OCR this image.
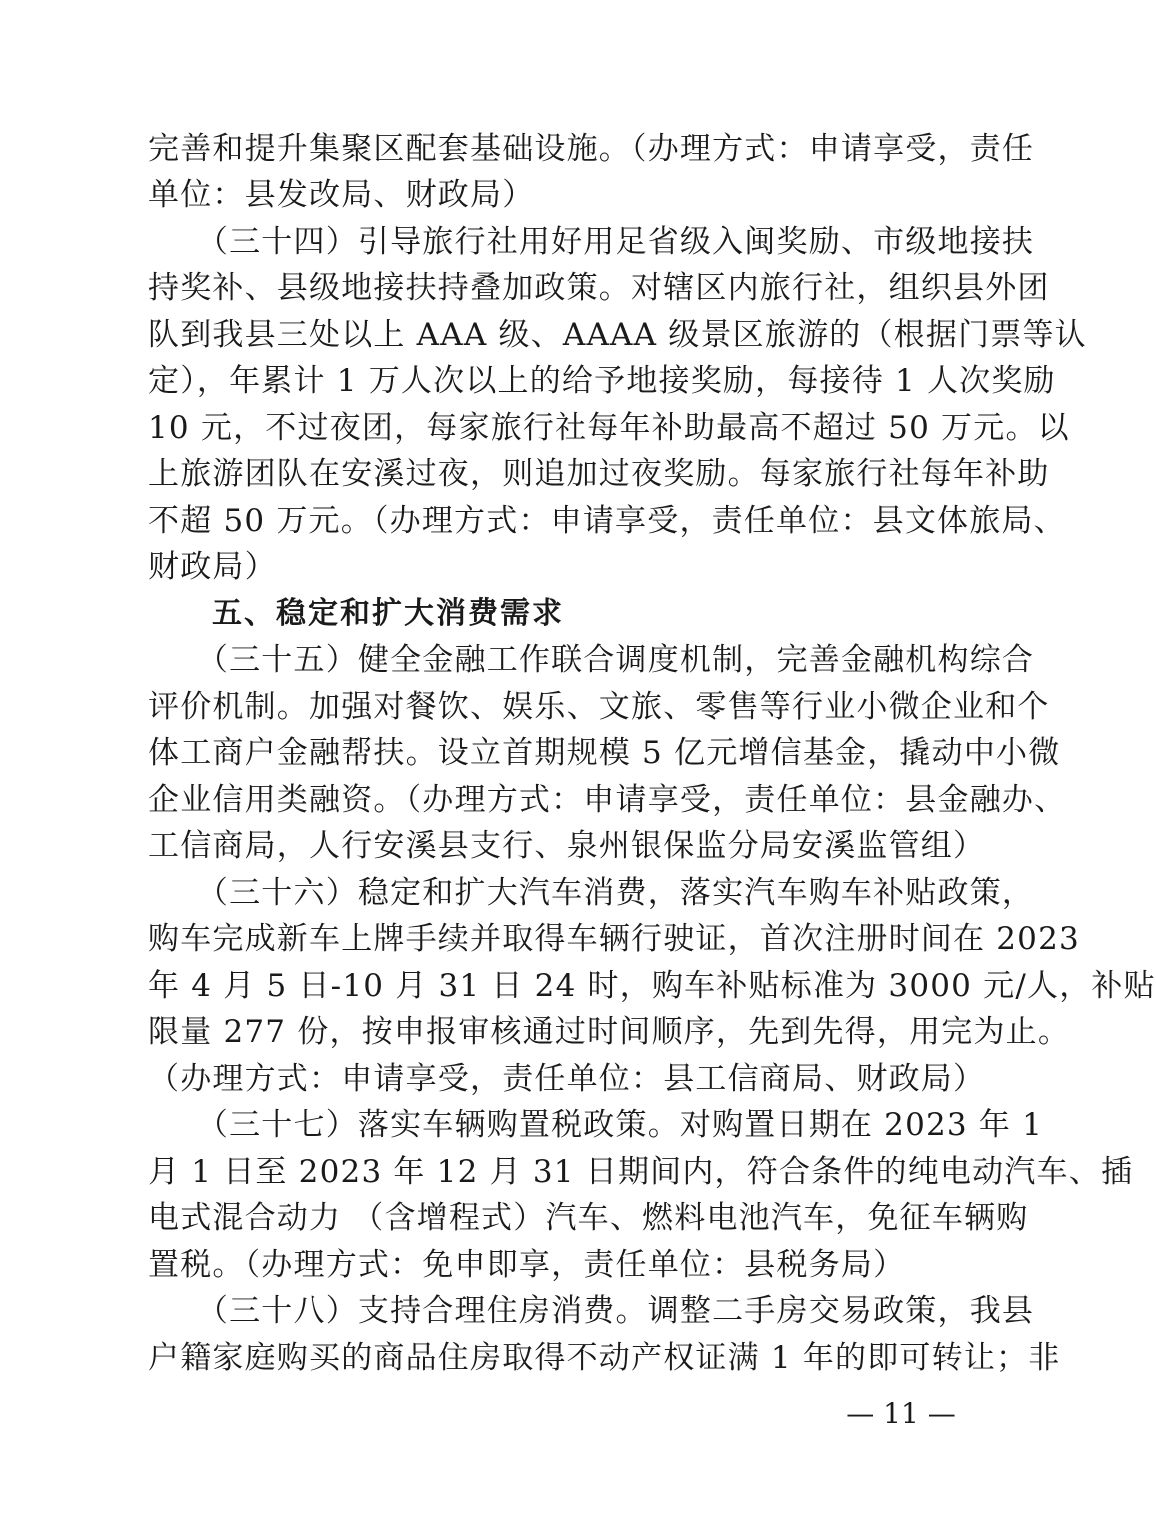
完善和提升集聚区配套基础设施。（办理方式：申请享受，责任
单位：县发改局、财政局）
　　（三十四）引导旅行社用好用足省级入闽奖励、市级地接扶
持奖补、县级地接扶持叠加政策。对辖区内旅行社，组织县外团
队到我县三处以上 AAA 级、AAAA 级景区旅游的（根据门票等认
定），年累计 1 万人次以上的给予地接奖励，每接待 1 人次奖励
10 元，不过夜团，每家旅行社每年补助最高不超过 50 万元。以
上旅游团队在安溪过夜，则追加过夜奖励。每家旅行社每年补助
不超 50 万元。（办理方式：申请享受，责任单位：县文体旅局、
财政局）
　　五、稳定和扩大消费需求
　　（三十五）健全金融工作联合调度机制，完善金融机构综合
评价机制。加强对餐饮、娱乐、文旅、零售等行业小微企业和个
体工商户金融帮扶。设立首期规模 5 亿元增信基金，撬动中小微
企业信用类融资。（办理方式：申请享受，责任单位：县金融办、
工信商局，人行安溪县支行、泉州银保监分局安溪监管组）
　　（三十六）稳定和扩大汽车消费，落实汽车购车补贴政策，
购车完成新车上牌手续并取得车辆行驶证，首次注册时间在 2023
年 4 月 5 日-10 月 31 日 24 时，购车补贴标准为 3000 元/人，补贴
限量 277 份，按申报审核通过时间顺序，先到先得，用完为止。
（办理方式：申请享受，责任单位：县工信商局、财政局）
　　（三十七）落实车辆购置税政策。对购置日期在 2023 年 1
月 1 日至 2023 年 12 月 31 日期间内，符合条件的纯电动汽车、插
电式混合动力 （含增程式）汽车、燃料电池汽车，免征车辆购
置税。（办理方式：免申即享，责任单位：县税务局）
　　（三十八）支持合理住房消费。调整二手房交易政策，我县
户籍家庭购买的商品住房取得不动产权证满 1 年的即可转让；非
— 11 —
